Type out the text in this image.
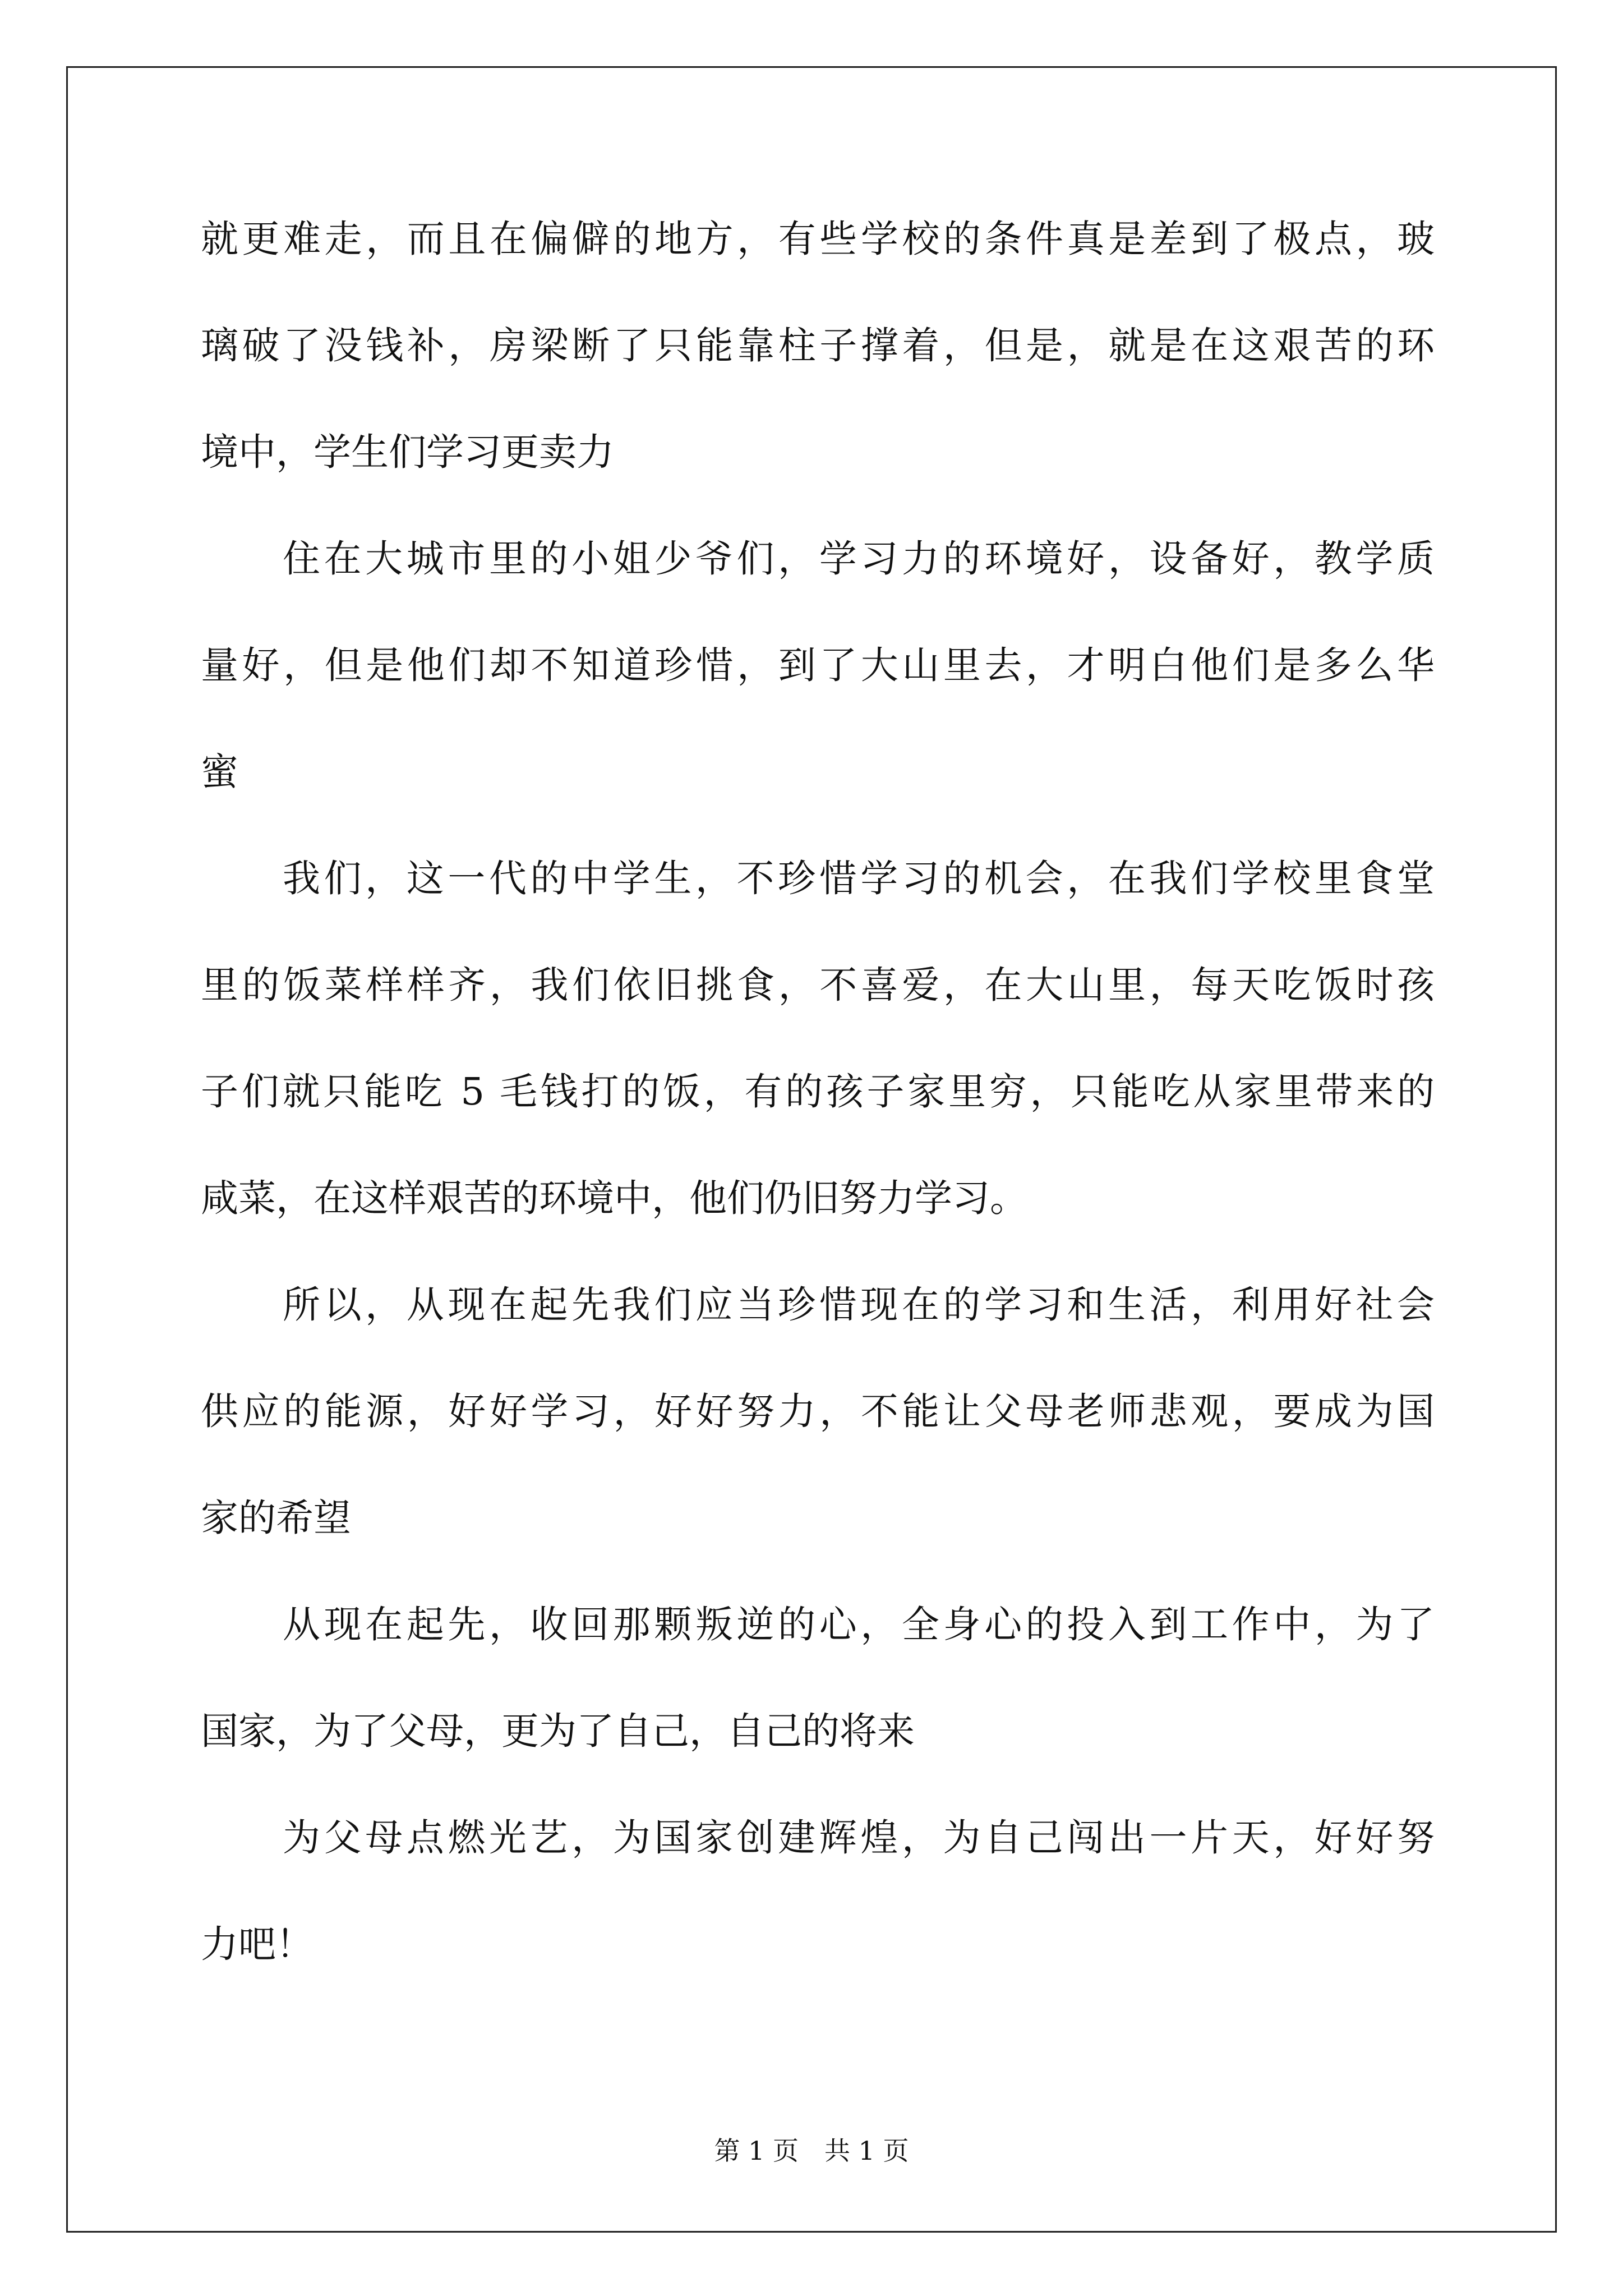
就更难走，而且在偏僻的地方，有些学校的条件真是差到了极点，玻
璃破了没钱补，房梁断了只能靠柱子撑着，但是，就是在这艰苦的环
境中，学生们学习更卖力
住在大城市里的小姐少爷们，学习力的环境好，设备好，教学质
量好，但是他们却不知道珍惜，到了大山里去，才明白他们是多么华
蜜
我们，这一代的中学生，不珍惜学习的机会，在我们学校里食堂
里的饭菜样样齐，我们依旧挑食，不喜爱，在大山里，每天吃饭时孩
子们就只能吃 5 毛钱打的饭，有的孩子家里穷，只能吃从家里带来的
咸菜，在这样艰苦的环境中，他们仍旧努力学习。
所以，从现在起先我们应当珍惜现在的学习和生活，利用好社会
供应的能源，好好学习，好好努力，不能让父母老师悲观，要成为国
家的希望
从现在起先，收回那颗叛逆的心，全身心的投入到工作中，为了
国家，为了父母，更为了自己，自己的将来
为父母点燃光艺，为国家创建辉煌，为自己闯出一片天，好好努
力吧！
第 1 页　共 1 页
